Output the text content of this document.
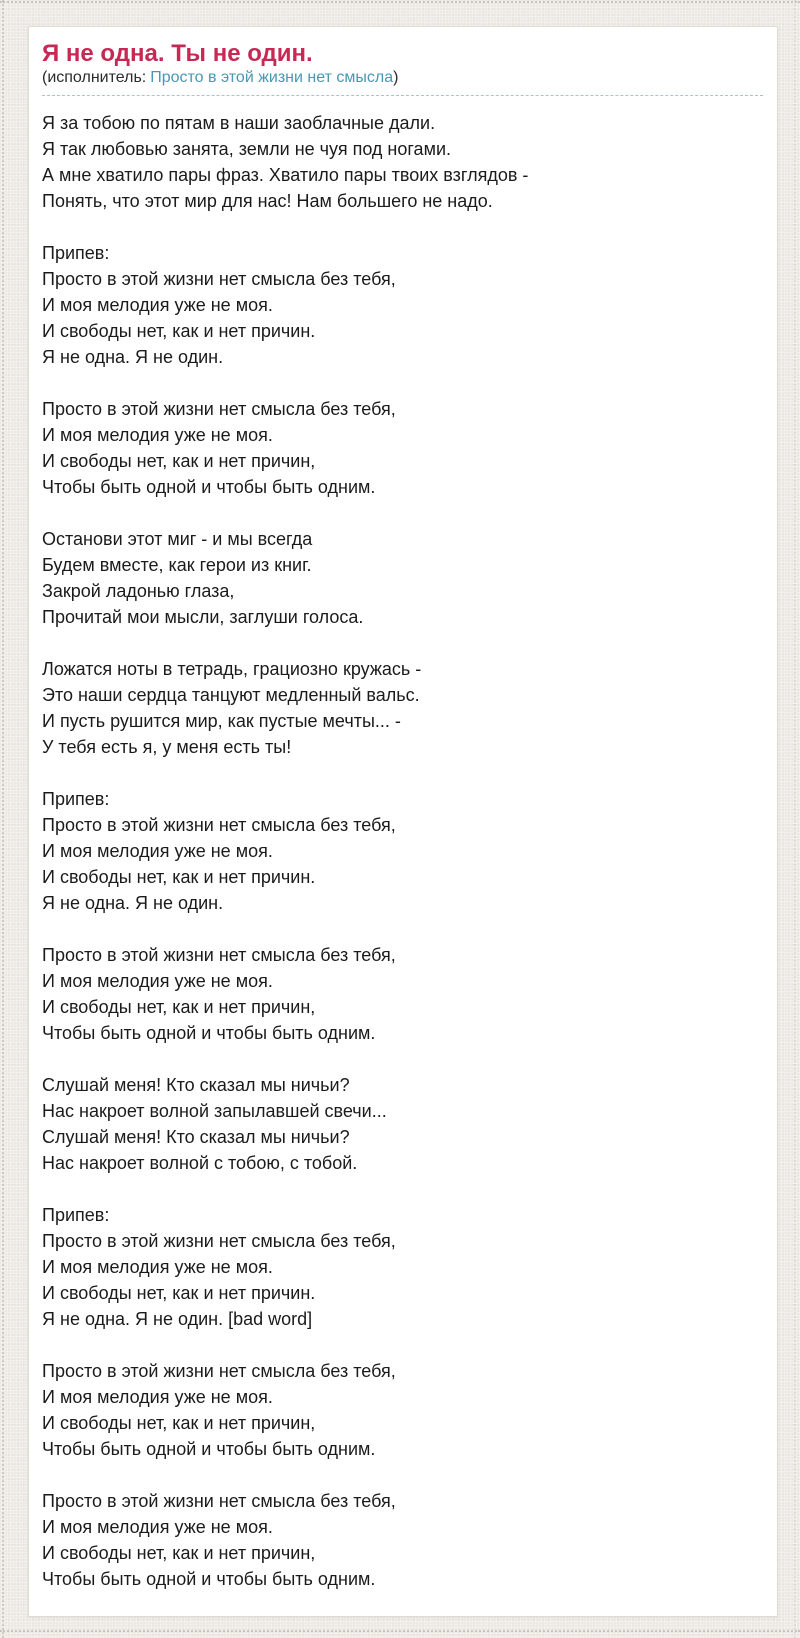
Я не одна. Ты не один.
(исполнитель: Просто в этой жизни нет смысла)
Я за тобою по пятам в наши заоблачные дали.
Я так любовью занята, земли не чуя под ногами.
А мне хватило пары фраз. Хватило пары твоих взглядов -
Понять, что этот мир для нас! Нам большего не надо.
Припев:
Просто в этой жизни нет смысла без тебя,
И моя мелодия уже не моя.
И свободы нет, как и нет причин.
Я не одна. Я не один.
Просто в этой жизни нет смысла без тебя,
И моя мелодия уже не моя.
И свободы нет, как и нет причин,
Чтобы быть одной и чтобы быть одним.
Останови этот миг - и мы всегда
Будем вместе, как герои из книг.
Закрой ладонью глаза,
Прочитай мои мысли, заглуши голоса.
Ложатся ноты в тетрадь, грациозно кружась -
Это наши сердца танцуют медленный вальс.
И пусть рушится мир, как пустые мечты... -
У тебя есть я, у меня есть ты!
Припев:
Просто в этой жизни нет смысла без тебя,
И моя мелодия уже не моя.
И свободы нет, как и нет причин.
Я не одна. Я не один.
Просто в этой жизни нет смысла без тебя,
И моя мелодия уже не моя.
И свободы нет, как и нет причин,
Чтобы быть одной и чтобы быть одним.
Слушай меня! Кто сказал мы ничьи?
Нас накроет волной запылавшей свечи...
Слушай меня! Кто сказал мы ничьи?
Нас накроет волной с тобою, с тобой.
Припев:
Просто в этой жизни нет смысла без тебя,
И моя мелодия уже не моя.
И свободы нет, как и нет причин.
Я не одна. Я не один. [bad word]
Просто в этой жизни нет смысла без тебя,
И моя мелодия уже не моя.
И свободы нет, как и нет причин,
Чтобы быть одной и чтобы быть одним.
Просто в этой жизни нет смысла без тебя,
И моя мелодия уже не моя.
И свободы нет, как и нет причин,
Чтобы быть одной и чтобы быть одним.
